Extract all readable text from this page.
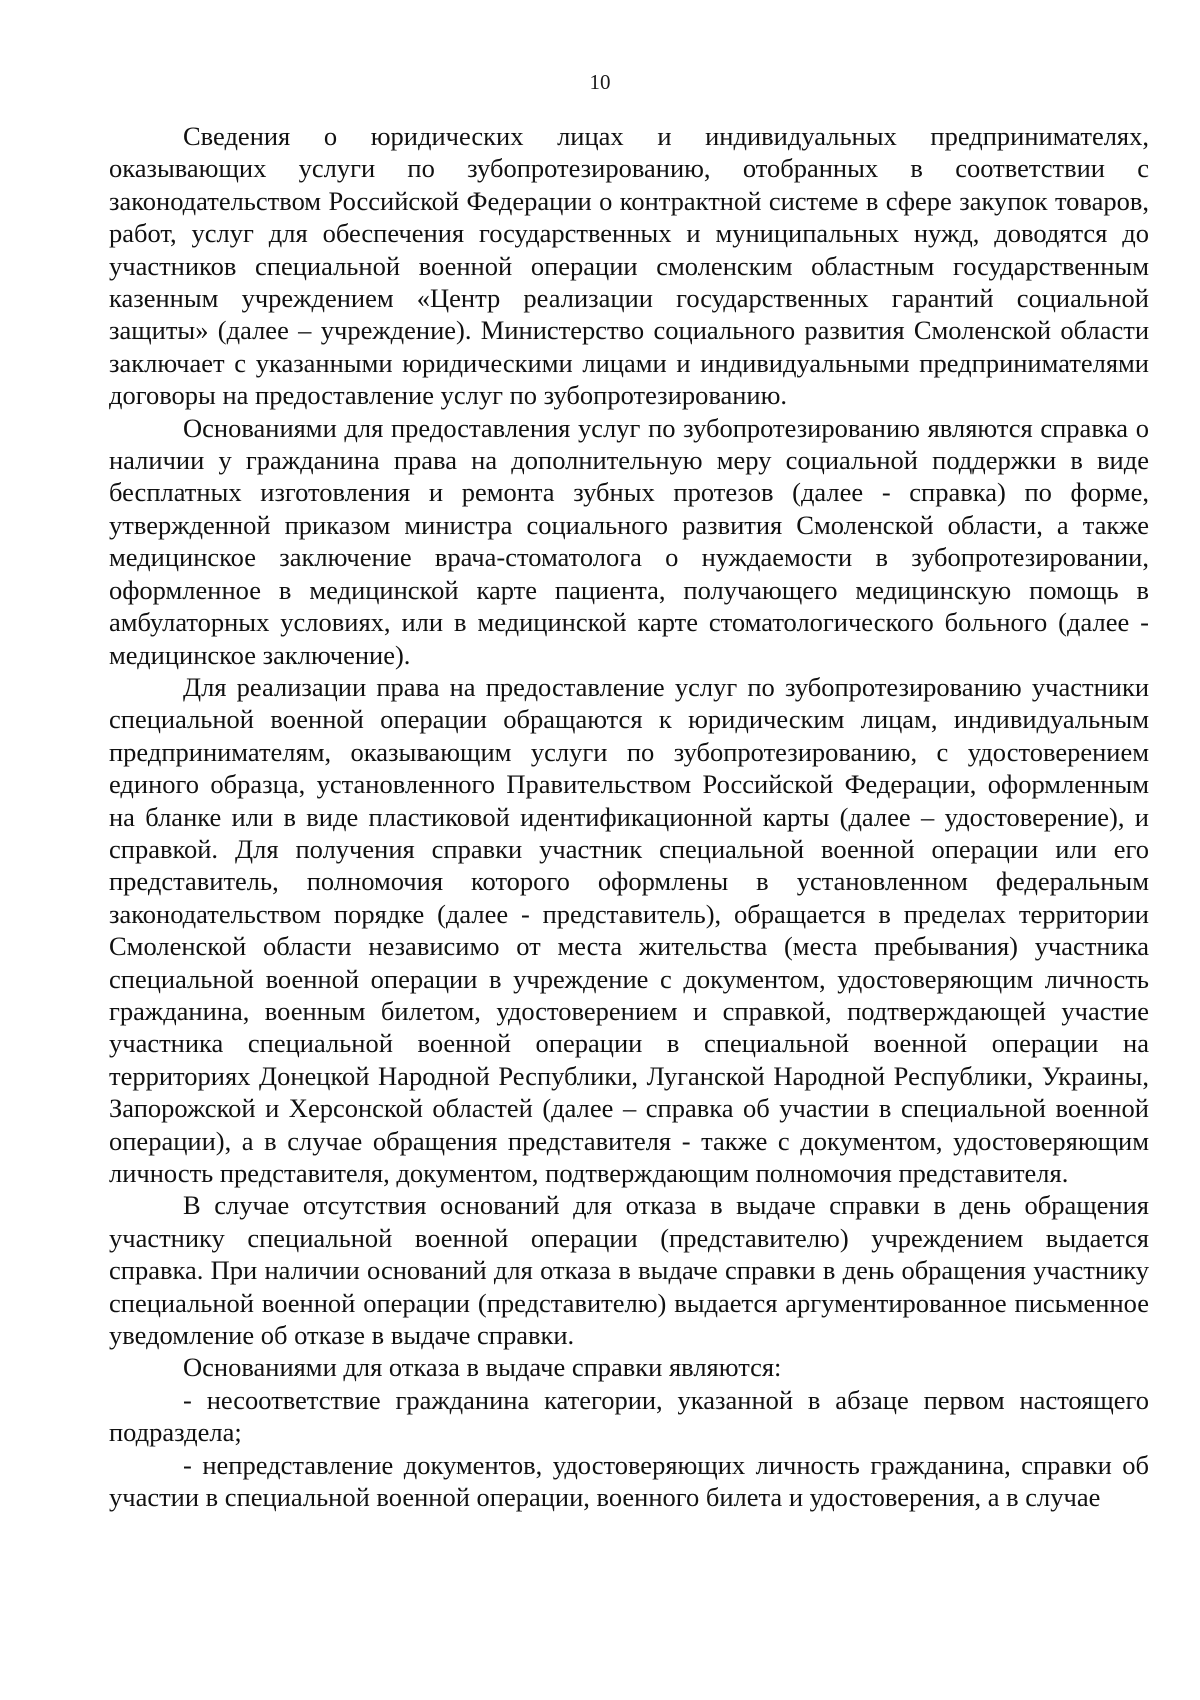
10

Сведения о юридических лицах и индивидуальных предпринимателях, оказывающих услуги по зубопротезированию, отобранных в соответствии с законодательством Российской Федерации о контрактной системе в сфере закупок товаров, работ, услуг для обеспечения государственных и муниципальных нужд, доводятся до участников специальной военной операции смоленским областным государственным казенным учреждением «Центр реализации государственных гарантий социальной защиты» (далее – учреждение). Министерство социального развития Смоленской области заключает с указанными юридическими лицами и индивидуальными предпринимателями договоры на предоставление услуг по зубопротезированию.

Основаниями для предоставления услуг по зубопротезированию являются справка о наличии у гражданина права на дополнительную меру социальной поддержки в виде бесплатных изготовления и ремонта зубных протезов (далее - справка) по форме, утвержденной приказом министра социального развития Смоленской области, а также медицинское заключение врача-стоматолога о нуждаемости в зубопротезировании, оформленное в медицинской карте пациента, получающего медицинскую помощь в амбулаторных условиях, или в медицинской карте стоматологического больного (далее - медицинское заключение).

Для реализации права на предоставление услуг по зубопротезированию участники специальной военной операции обращаются к юридическим лицам, индивидуальным предпринимателям, оказывающим услуги по зубопротезированию, с удостоверением единого образца, установленного Правительством Российской Федерации, оформленным на бланке или в виде пластиковой идентификационной карты (далее – удостоверение), и справкой. Для получения справки участник специальной военной операции или его представитель, полномочия которого оформлены в установленном федеральным законодательством порядке (далее - представитель), обращается в пределах территории Смоленской области независимо от места жительства (места пребывания) участника специальной военной операции в учреждение с документом, удостоверяющим личность гражданина, военным билетом, удостоверением и справкой, подтверждающей участие участника специальной военной операции в специальной военной операции на территориях Донецкой Народной Республики, Луганской Народной Республики, Украины, Запорожской и Херсонской областей (далее – справка об участии в специальной военной операции), а в случае обращения представителя - также с документом, удостоверяющим личность представителя, документом, подтверждающим полномочия представителя.

В случае отсутствия оснований для отказа в выдаче справки в день обращения участнику специальной военной операции (представителю) учреждением выдается справка. При наличии оснований для отказа в выдаче справки в день обращения участнику специальной военной операции (представителю) выдается аргументированное письменное уведомление об отказе в выдаче справки.

Основаниями для отказа в выдаче справки являются:

- несоответствие гражданина категории, указанной в абзаце первом настоящего подраздела;

- непредставление документов, удостоверяющих личность гражданина, справки об участии в специальной военной операции, военного билета и удостоверения, а в случае
